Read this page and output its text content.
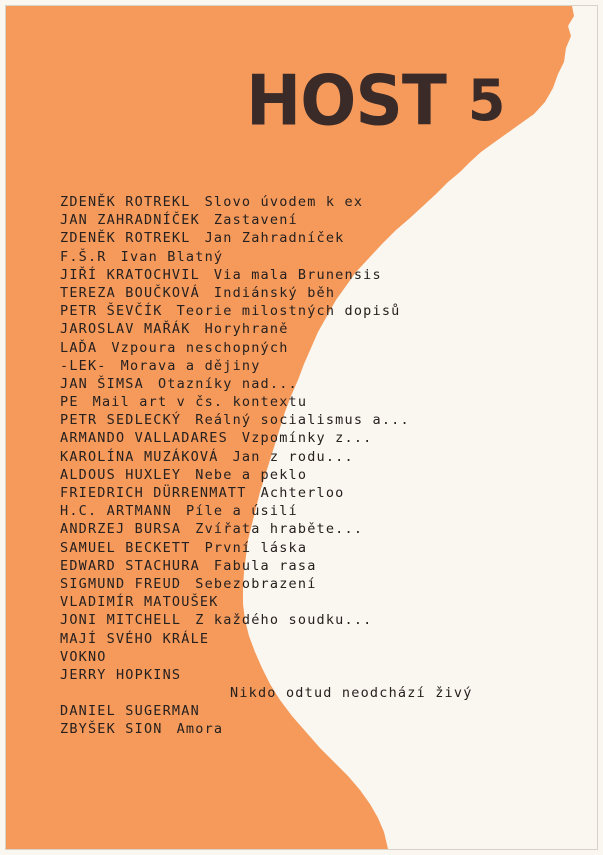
HOST 5
ZDENĚK ROTREKL Slovo úvodem k ex
JAN ZAHRADNÍČEK Zastavení
ZDENĚK ROTREKL Jan Zahradníček
F.Š.R Ivan Blatný
JIŘÍ KRATOCHVIL Via mala Brunensis
TEREZA BOUČKOVÁ Indiánský běh
PETR ŠEVČÍK Teorie milostných dopisů
JAROSLAV MAŘÁK Horyhraně
LAĎA Vzpoura neschopných
-LEK- Morava a dějiny
JAN ŠIMSA Otazníky nad...
PE Mail art v čs. kontextu
PETR SEDLECKÝ Reálný socialismus a...
ARMANDO VALLADARES Vzpomínky z...
KAROLÍNA MUZÁKOVÁ Jan z rodu...
ALDOUS HUXLEY Nebe a peklo
FRIEDRICH DÜRRENMATT Achterloo
H.C. ARTMANN Píle a úsilí
ANDRZEJ BURSA Zvířata hraběte...
SAMUEL BECKETT První láska
EDWARD STACHURA Fabula rasa
SIGMUND FREUD Sebezobrazení
VLADIMÍR MATOUŠEK
JONI MITCHELL Z každého soudku...
MAJÍ SVÉHO KRÁLE
VOKNO
JERRY HOPKINS
Nikdo odtud neodchází živý
DANIEL SUGERMAN
ZBYŠEK SION Amora
